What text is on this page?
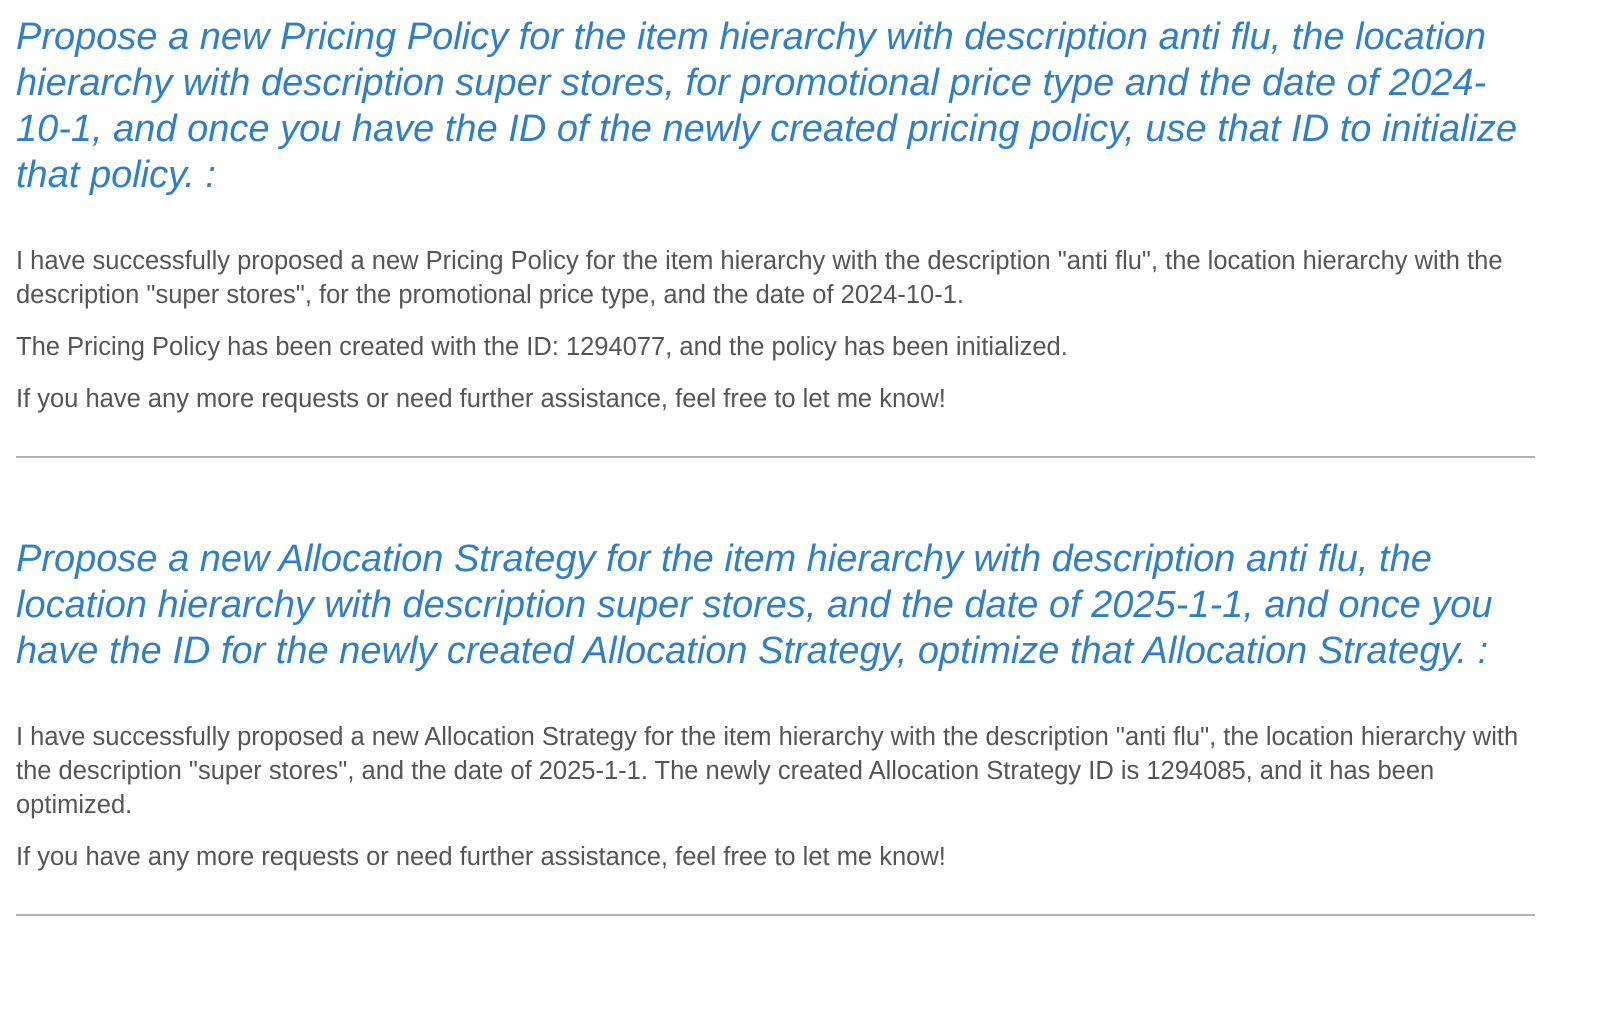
Propose a new Pricing Policy for the item hierarchy with description anti flu, the location hierarchy with description super stores, for promotional price type and the date of 2024-10-1, and once you have the ID of the newly created pricing policy, use that ID to initialize that policy. :

I have successfully proposed a new Pricing Policy for the item hierarchy with the description "anti flu", the location hierarchy with the description "super stores", for the promotional price type, and the date of 2024-10-1.

The Pricing Policy has been created with the ID: 1294077, and the policy has been initialized.

If you have any more requests or need further assistance, feel free to let me know!

Propose a new Allocation Strategy for the item hierarchy with description anti flu, the location hierarchy with description super stores, and the date of 2025-1-1, and once you have the ID for the newly created Allocation Strategy, optimize that Allocation Strategy. :

I have successfully proposed a new Allocation Strategy for the item hierarchy with the description "anti flu", the location hierarchy with the description "super stores", and the date of 2025-1-1. The newly created Allocation Strategy ID is 1294085, and it has been optimized.

If you have any more requests or need further assistance, feel free to let me know!
